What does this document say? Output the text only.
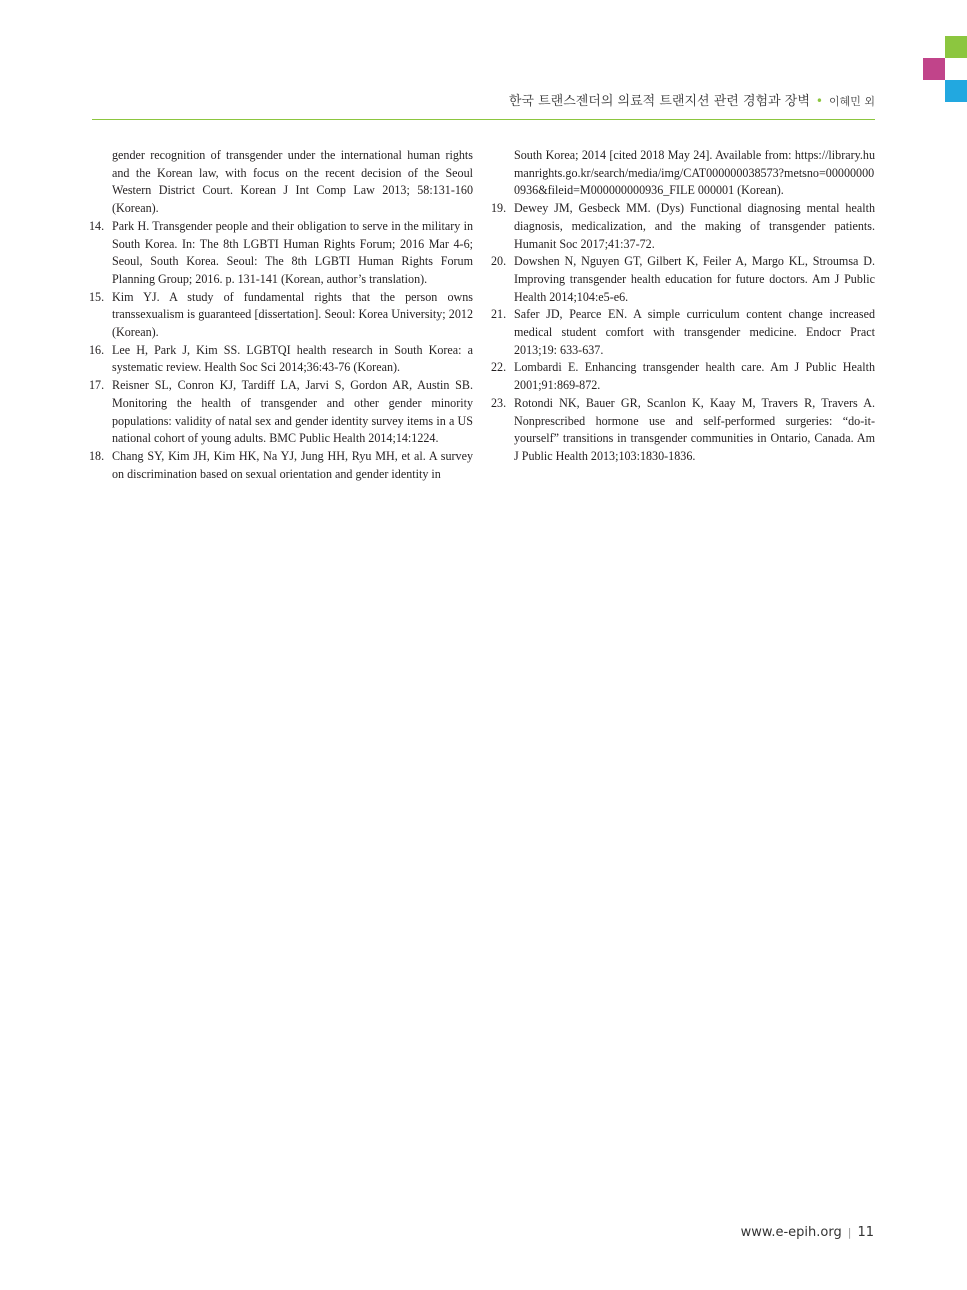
한국 트랜스젠더의 의료적 트랜지션 관련 경험과 장벽 • 이혜민 외
gender recognition of transgender under the international human rights and the Korean law, with focus on the recent decision of the Seoul Western District Court. Korean J Int Comp Law 2013; 58:131-160 (Korean).
14. Park H. Transgender people and their obligation to serve in the military in South Korea. In: The 8th LGBTI Human Rights Forum; 2016 Mar 4-6; Seoul, South Korea. Seoul: The 8th LGBTI Human Rights Forum Planning Group; 2016. p. 131-141 (Korean, author’s translation).
15. Kim YJ. A study of fundamental rights that the person owns transsexualism is guaranteed [dissertation]. Seoul: Korea University; 2012 (Korean).
16. Lee H, Park J, Kim SS. LGBTQI health research in South Korea: a systematic review. Health Soc Sci 2014;36:43-76 (Korean).
17. Reisner SL, Conron KJ, Tardiff LA, Jarvi S, Gordon AR, Austin SB. Monitoring the health of transgender and other gender minority populations: validity of natal sex and gender identity survey items in a US national cohort of young adults. BMC Public Health 2014;14:1224.
18. Chang SY, Kim JH, Kim HK, Na YJ, Jung HH, Ryu MH, et al. A survey on discrimination based on sexual orientation and gender identity in
South Korea; 2014 [cited 2018 May 24]. Available from: https://library.humanrights.go.kr/search/media/img/CAT000000038573?metsno=000000000936&fileid=M000000000936_FILE 000001 (Korean).
19. Dewey JM, Gesbeck MM. (Dys) Functional diagnosing mental health diagnosis, medicalization, and the making of transgender patients. Humanit Soc 2017;41:37-72.
20. Dowshen N, Nguyen GT, Gilbert K, Feiler A, Margo KL, Stroumsa D. Improving transgender health education for future doctors. Am J Public Health 2014;104:e5-e6.
21. Safer JD, Pearce EN. A simple curriculum content change increased medical student comfort with transgender medicine. Endocr Pract 2013;19: 633-637.
22. Lombardi E. Enhancing transgender health care. Am J Public Health 2001;91:869-872.
23. Rotondi NK, Bauer GR, Scanlon K, Kaay M, Travers R, Travers A. Nonprescribed hormone use and self-performed surgeries: “do-it-yourself” transitions in transgender communities in Ontario, Canada. Am J Public Health 2013;103:1830-1836.
www.e-epih.org | 11
